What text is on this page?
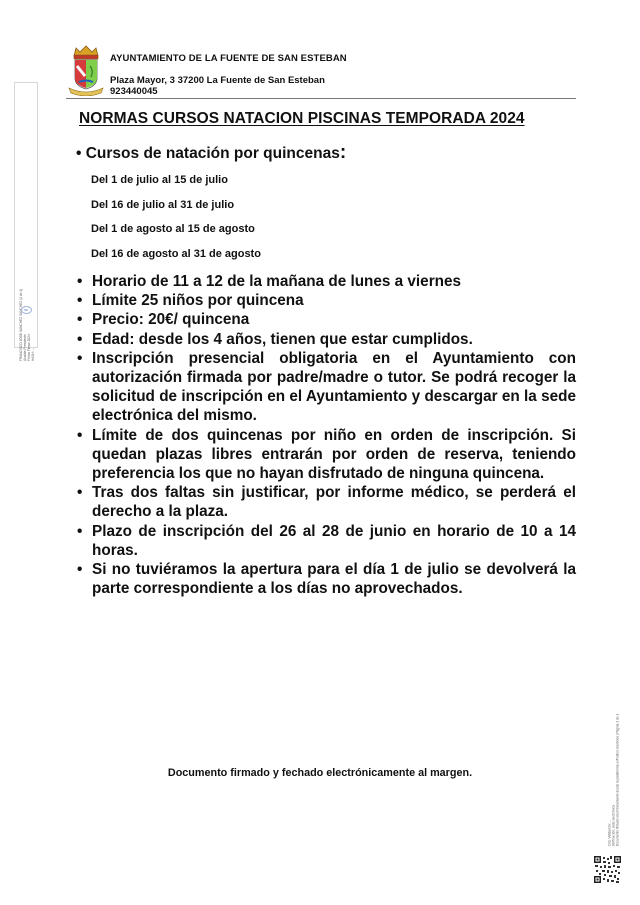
AYUNTAMIENTO DE LA FUENTE DE SAN ESTEBAN
Plaza Mayor, 3 37200 La Fuente de San Esteban
923440045
FRANCISCO JOSE SANCHEZ SANCHEZ (1 de 1) Alcalde-Presidente Fecha Firma: 2024 HASH: ...
NORMAS CURSOS NATACION PISCINAS TEMPORADA 2024
• Cursos de natación por quincenas:
Del 1 de julio al 15 de julio
Del 16 de julio al 31 de julio
Del 1 de agosto al 15 de agosto
Del 16 de agosto al 31 de agosto
• Horario de 11 a 12 de la mañana de lunes a viernes
• Límite 25 niños por quincena
• Precio: 20€/ quincena
• Edad: desde los 4 años, tienen que estar cumplidos.
• Inscripción presencial obligatoria en el Ayuntamiento con autorización firmada por padre/madre o tutor. Se podrá recoger la solicitud de inscripción en el Ayuntamiento y descargar en la sede electrónica del mismo.
• Límite de dos quincenas por niño en orden de inscripción. Si quedan plazas libres entrarán por orden de reserva, teniendo preferencia los que no hayan disfrutado de ninguna quincena.
• Tras dos faltas sin justificar, por informe médico, se perderá el derecho a la plaza.
• Plazo de inscripción del 26 al 28 de junio en horario de 10 a 14 horas.
• Si no tuviéramos la apertura para el día 1 de julio se devolverá la parte correspondiente a los días no aprovechados.
Documento firmado y fechado electrónicamente al margen.
Cód. Validación: ... Verificación: sede electrónica Documento firmado electrónicamente desde la plataforma esPublico Gestiona | Página 1 de 1
